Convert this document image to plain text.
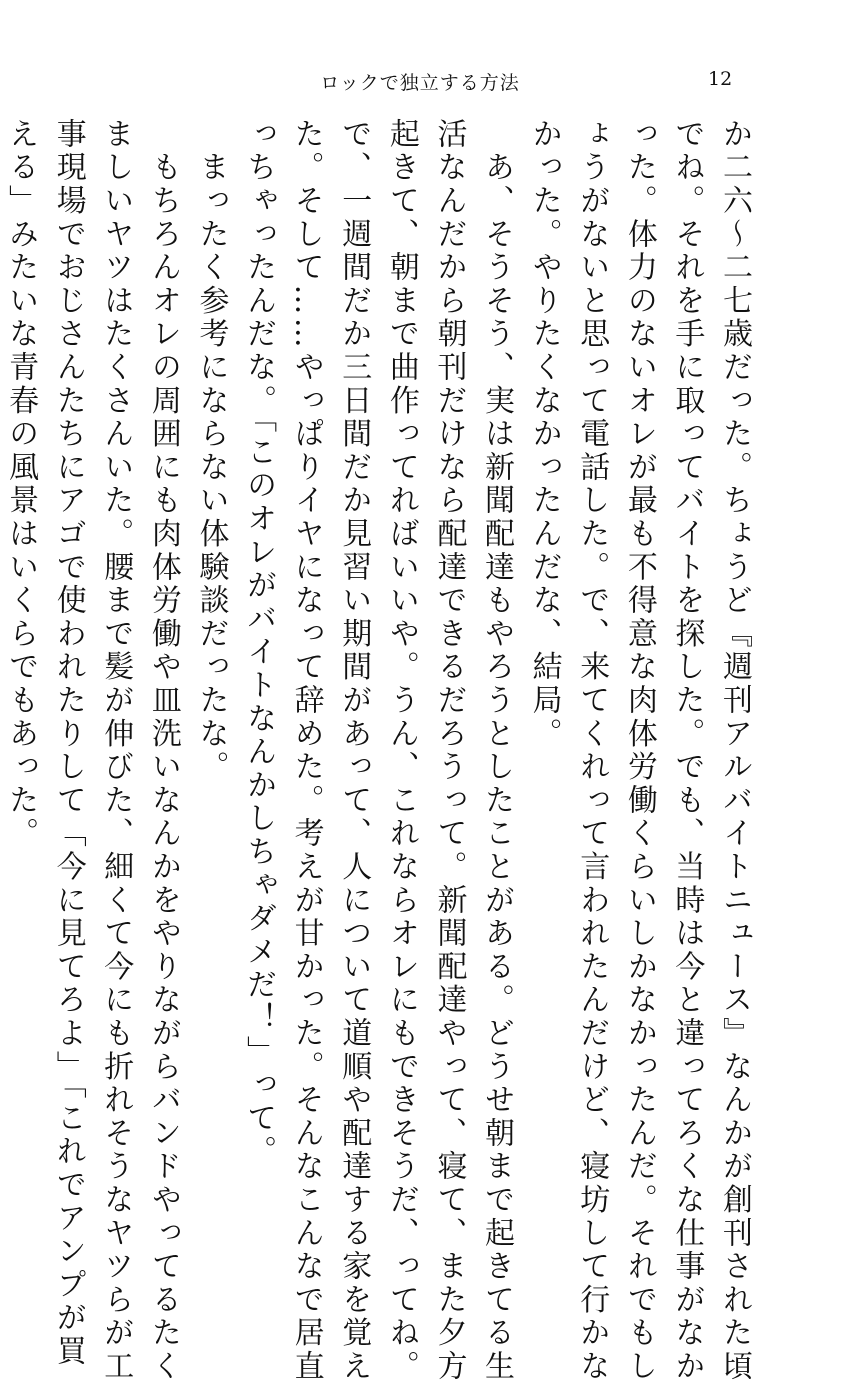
ロックで独立する方法	12
か二六〜二七歳だった。ちょうど『週刊アルバイトニュース』なんかが創刊された頃
でね。それを手に取ってバイトを探した。でも、当時は今と違ってろくな仕事がなか
った。体力のないオレが最も不得意な肉体労働くらいしかなかったんだ。それでもし
ょうがないと思って電話した。で、来てくれって言われたんだけど、寝坊して行かな
かった。やりたくなかったんだな、結局。
　あ、そうそう、実は新聞配達もやろうとしたことがある。どうせ朝まで起きてる生
活なんだから朝刊だけなら配達できるだろうって。新聞配達やって、寝て、また夕方
起きて、朝まで曲作ってればいいや。うん、これならオレにもできそうだ、ってね。
で、一週間だか三日間だか見習い期間があって、人について道順や配達する家を覚え
た。そして……やっぱりイヤになって辞めた。考えが甘かった。そんなこんなで居直
っちゃったんだな。「このオレがバイトなんかしちゃダメだ！」って。
　まったく参考にならない体験談だったな。
　もちろんオレの周囲にも肉体労働や皿洗いなんかをやりながらバンドやってるたく
ましいヤツはたくさんいた。腰まで髪が伸びた、細くて今にも折れそうなヤツらが工
事現場でおじさんたちにアゴで使われたりして「今に見てろよ」「これでアンプが買
える」みたいな青春の風景はいくらでもあった。
